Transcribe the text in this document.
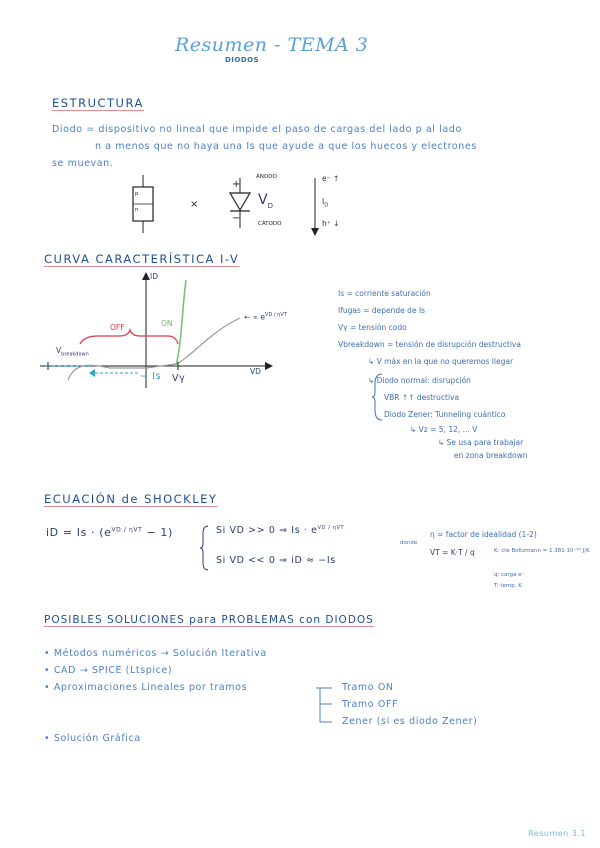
Resumen - TEMA 3
DIODOS
ESTRUCTURA
Diodo = dispositivo no lineal que impide el paso de cargas del lado p al lado
n a menos que no haya una Is que ayude a que los huecos y electrones
se muevan.
p
n	×
+
−
ÁNODO
CÁTODO
$V_D$
e⁻ ↑
$I_D$
h⁺ ↓
CURVA CARACTERÍSTICA I-V
ID
VD
OFF	ON
$V_{breakdown}$
− Is Vγ
← ∝ $e^{VD / \eta VT}$
Is = corriente saturación
Ifugas = depende de Is
Vγ = tensión codo
Vbreakdown = tensión de disrupción destructiva
↳ V máx en la que no queremos llegar
↳ Diodo normal: disrupción
VBR ↑↑ destructiva
Diodo Zener: Tunneling cuántico
↳ Vz = 5, 12, ... V
↳ Se usa para trabajar
en zona breakdown
ECUACIÓN de SHOCKLEY
iD = $Is \cdot (e^{VD / \eta VT} - 1)$	Si VD >> 0 ⇒ $Is \cdot e^{VD / \eta VT}$
Si VD << 0 ⇒ iD ≈ −Is
donde
η = factor de idealidad (1-2)
VT = K·T / q	K: cte Boltzmann = 1.381·10⁻²³ J/K
q: carga e⁻
T: temp. K
POSIBLES SOLUCIONES para PROBLEMAS con DIODOS
• Métodos numéricos → Solución Iterativa
• CAD → SPICE (Ltspice)
• Aproximaciones Lineales por tramos
• Solución Gráfica
Tramo ON
Tramo OFF
Zener (si es diodo Zener)
Resumen 3.1
